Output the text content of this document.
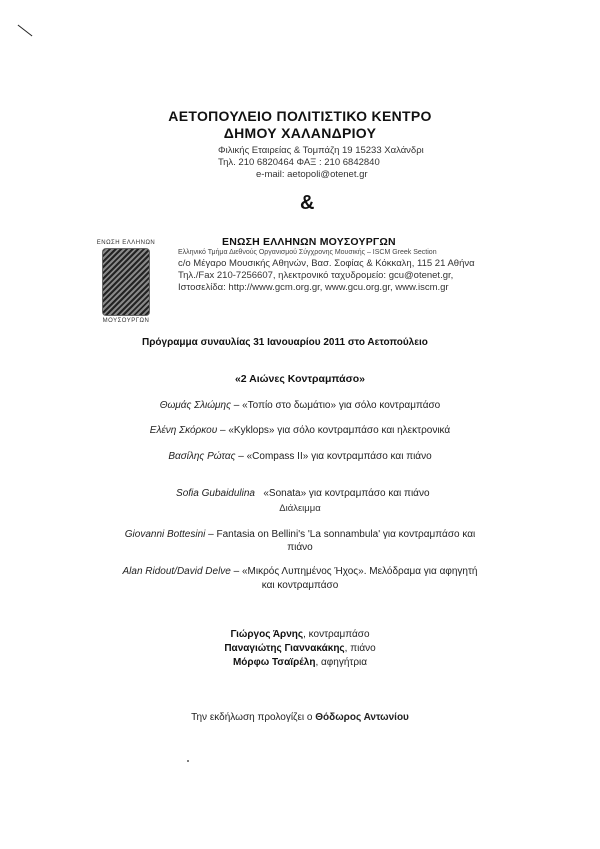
ΑΕΤΟΠΟΥΛΕΙΟ ΠΟΛΙΤΙΣΤΙΚΟ ΚΕΝΤΡΟ
ΔΗΜΟΥ ΧΑΛΑΝΔΡΙΟΥ
Φιλικής Εταιρείας & Τομπάζη 19 15233 Χαλάνδρι
Τηλ. 210 6820464 ΦΑΞ : 210 6842840
e-mail: aetopoli@otenet.gr
&
ΕΝΩΣΗ ΕΛΛΗΝΩΝ
ΜΟΥΣΟΥΡΓΩΝ
ΕΝΩΣΗ ΕΛΛΗΝΩΝ ΜΟΥΣΟΥΡΓΩΝ
Ελληνικό Τμήμα Διεθνούς Οργανισμού Σύγχρονης Μουσικής – ISCM Greek Section
c/o Μέγαρο Μουσικής Αθηνών, Βασ. Σοφίας & Κόκκαλη, 115 21 Αθήνα
Τηλ./Fax 210-7256607, ηλεκτρονικό ταχυδρομείο: gcu@otenet.gr,
Ιστοσελίδα: http://www.gcm.org.gr, www.gcu.org.gr, www.iscm.gr
Πρόγραμμα συναυλίας 31 Ιανουαρίου 2011 στο Αετοπούλειο
«2 Αιώνες Κοντραμπάσο»
Θωμάς Σλιώμης – «Τοπίο στο δωμάτιο» για σόλο κοντραμπάσο
Ελένη Σκόρκου – «Kyklops» για σόλο κοντραμπάσο και ηλεκτρονικά
Βασίλης Ρώτας – «Compass II» για κοντραμπάσο και πιάνο

Sofia Gubaidulina   «Sonata» για κοντραμπάσο και πιάνο

Διάλειμμα
Giovanni Bottesini – Fantasia on Bellini's 'La sonnambula' για κοντραμπάσο και
πιάνο
Alan Ridout/David Delve – «Μικρός Λυπημένος Ήχος». Μελόδραμα για αφηγητή
και κοντραμπάσο
Γιώργος Άρνης, κοντραμπάσο
Παναγιώτης Γιαννακάκης, πιάνο
Μόρφω Τσαϊρέλη, αφηγήτρια
Την εκδήλωση προλογίζει ο Θόδωρος Αντωνίου
